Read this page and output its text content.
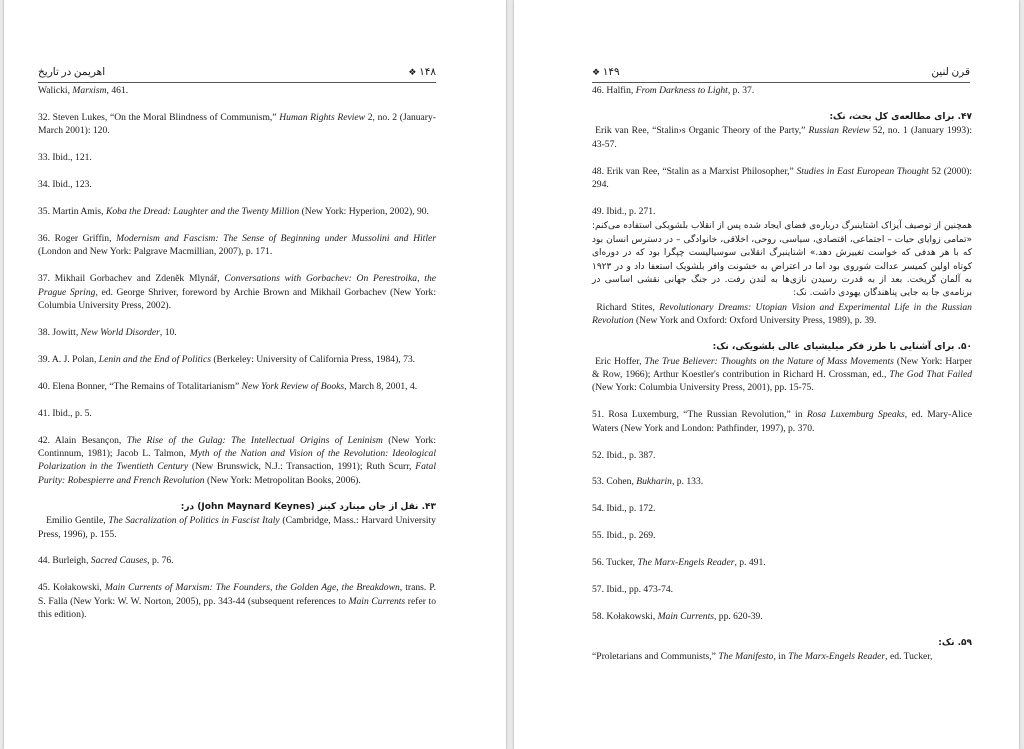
اهریمن در تاریخ	۱۴۸ ❖

Walicki, Marxism, 461.

32. Steven Lukes, “On the Moral Blindness of Communism,” Human Rights Review 2, no. 2 (January-March 2001): 120.

33. Ibid., 121.

34. Ibid., 123.

35. Martin Amis, Koba the Dread: Laughter and the Twenty Million (New York: Hyperion, 2002), 90.

36. Roger Griffin, Modernism and Fascism: The Sense of Beginning under Mussolini and Hitler (London and New York: Palgrave Macmillian, 2007), p. 171.

37. Mikhail Gorbachev and Zdeněk Mlynář, Conversations with Gorbachev: On Perestroika, the Prague Spring, ed. George Shriver, foreword by Archie Brown and Mikhail Gorbachev (New York: Columbia University Press, 2002).

38. Jowitt, New World Disorder, 10.

39. A. J. Polan, Lenin and the End of Politics (Berkeley: University of California Press, 1984), 73.

40. Elena Bonner, “The Remains of Totalitarianism” New York Review of Books, March 8, 2001, 4.

41. Ibid., p. 5.

42. Alain Besançon, The Rise of the Gulag: The Intellectual Origins of Leninism (New York: Continnum, 1981); Jacob L. Talmon, Myth of the Nation and Vision of the Revolution: Ideological Polarization in the Twentieth Century (New Brunswick, N.J.: Transaction, 1991); Ruth Scurr, Fatal Purity: Robespierre and French Revolution (New York: Metropolitan Books, 2006).

۴۳. نقل از جان مینارد کینز (John Maynard Keynes) در:

Emilio Gentile, The Sacralization of Politics in Fascist Italy (Cambridge, Mass.: Harvard University Press, 1996), p. 155.

44. Burleigh, Sacred Causes, p. 76.

45. Kołakowski, Main Currents of Marxism: The Founders, the Golden Age, the Breakdown, trans. P. S. Falla (New York: W. W. Norton, 2005), pp. 343-44 (subsequent references to Main Currents refer to this edition).

❖ ۱۴۹	قرن لنین

46. Halfin, From Darkness to Light, p. 37.

۴۷. برای مطالعه‌ی کل بحث، نک:

Erik van Ree, “Stalin›s Organic Theory of the Party,” Russian Review 52, no. 1 (January 1993): 43-57.

48. Erik van Ree, “Stalin as a Marxist Philosopher,” Studies in East European Thought 52 (2000): 294.

49. Ibid., p. 271.

همچنین از توصیف آیزاک اشتاینبرگ درباره‌ی فضای ایجاد شده پس از انقلاب بلشویکی استفاده می‌کنم: «تمامی زوایای حیات – اجتماعی، اقتصادی، سیاسی، روحی، اخلاقی، خانوادگی – در دسترس انسان بود که با هر هدفی که خواست تغییرش دهد.» اشتاینبرگ انقلابی سوسیالیست چپگرا بود که در دوره‌ای کوتاه اولین کمیسر عدالت شوروی بود اما در اعتراض به خشونت وافر بلشویک استعفا داد و در ۱۹۲۳ به آلمان گریخت. بعد از به قدرت رسیدن نازی‌ها به لندن رفت. در جنگ جهانی نقشی اساسی در برنامه‌ی جا به جایی پناهندگان یهودی داشت. نک:

Richard Stites, Revolutionary Dreams: Utopian Vision and Experimental Life in the Russian Revolution (New York and Oxford: Oxford University Press, 1989), p. 39.

۵۰. برای آشنایی با طرز فکر میلیشیای عالی بلشویکی، نک:

Eric Hoffer, The True Believer: Thoughts on the Nature of Mass Movements (New York: Harper & Row, 1966); Arthur Koestler's contribution in Richard H. Crossman, ed., The God That Failed (New York: Columbia University Press, 2001), pp. 15-75.

51. Rosa Luxemburg, “The Russian Revolution,” in Rosa Luxemburg Speaks, ed. Mary-Alice Waters (New York and London: Pathfinder, 1997), p. 370.

52. Ibid., p. 387.

53. Cohen, Bukharin, p. 133.

54. Ibid., p. 172.

55. Ibid., p. 269.

56. Tucker, The Marx-Engels Reader, p. 491.

57. Ibid., pp. 473-74.

58. Kołakowski, Main Currents, pp. 620-39.

۵۹. نک:

“Proletarians and Communists,” The Manifesto, in The Marx-Engels Reader, ed. Tucker,
